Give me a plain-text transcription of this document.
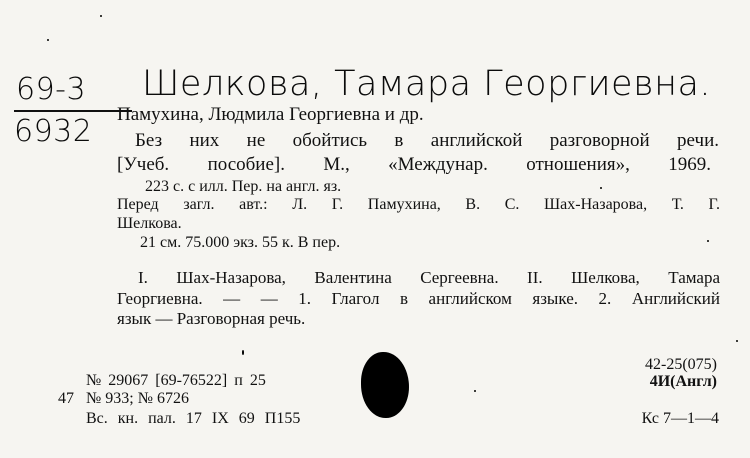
69-3
6932
Шелкова, Тамара Георгиевна.
Памухина, Людмила Георгиевна и др.
Без них не обойтись в английской разговорной речи.
[Учеб. пособие]. М., «Междунар. отношения», 1969.
223 с. с илл. Пер. на англ. яз.
Перед загл. авт.: Л. Г. Памухина, В. С. Шах-Назарова, Т. Г.
Шелкова.
21 см. 75.000 экз. 55 к. В пер.
I. Шах-Назарова, Валентина Сергеевна. II. Шелкова, Тамара
Георгиевна. — — 1. Глагол в английском языке. 2. Английский
язык — Разговорная речь.
№ 29067 [69-76522] п 25
47 № 933; № 6726
Вс. кн. пал. 17 IX 69 П155
42-25(075)
4И(Англ)
Кс 7—1—4
